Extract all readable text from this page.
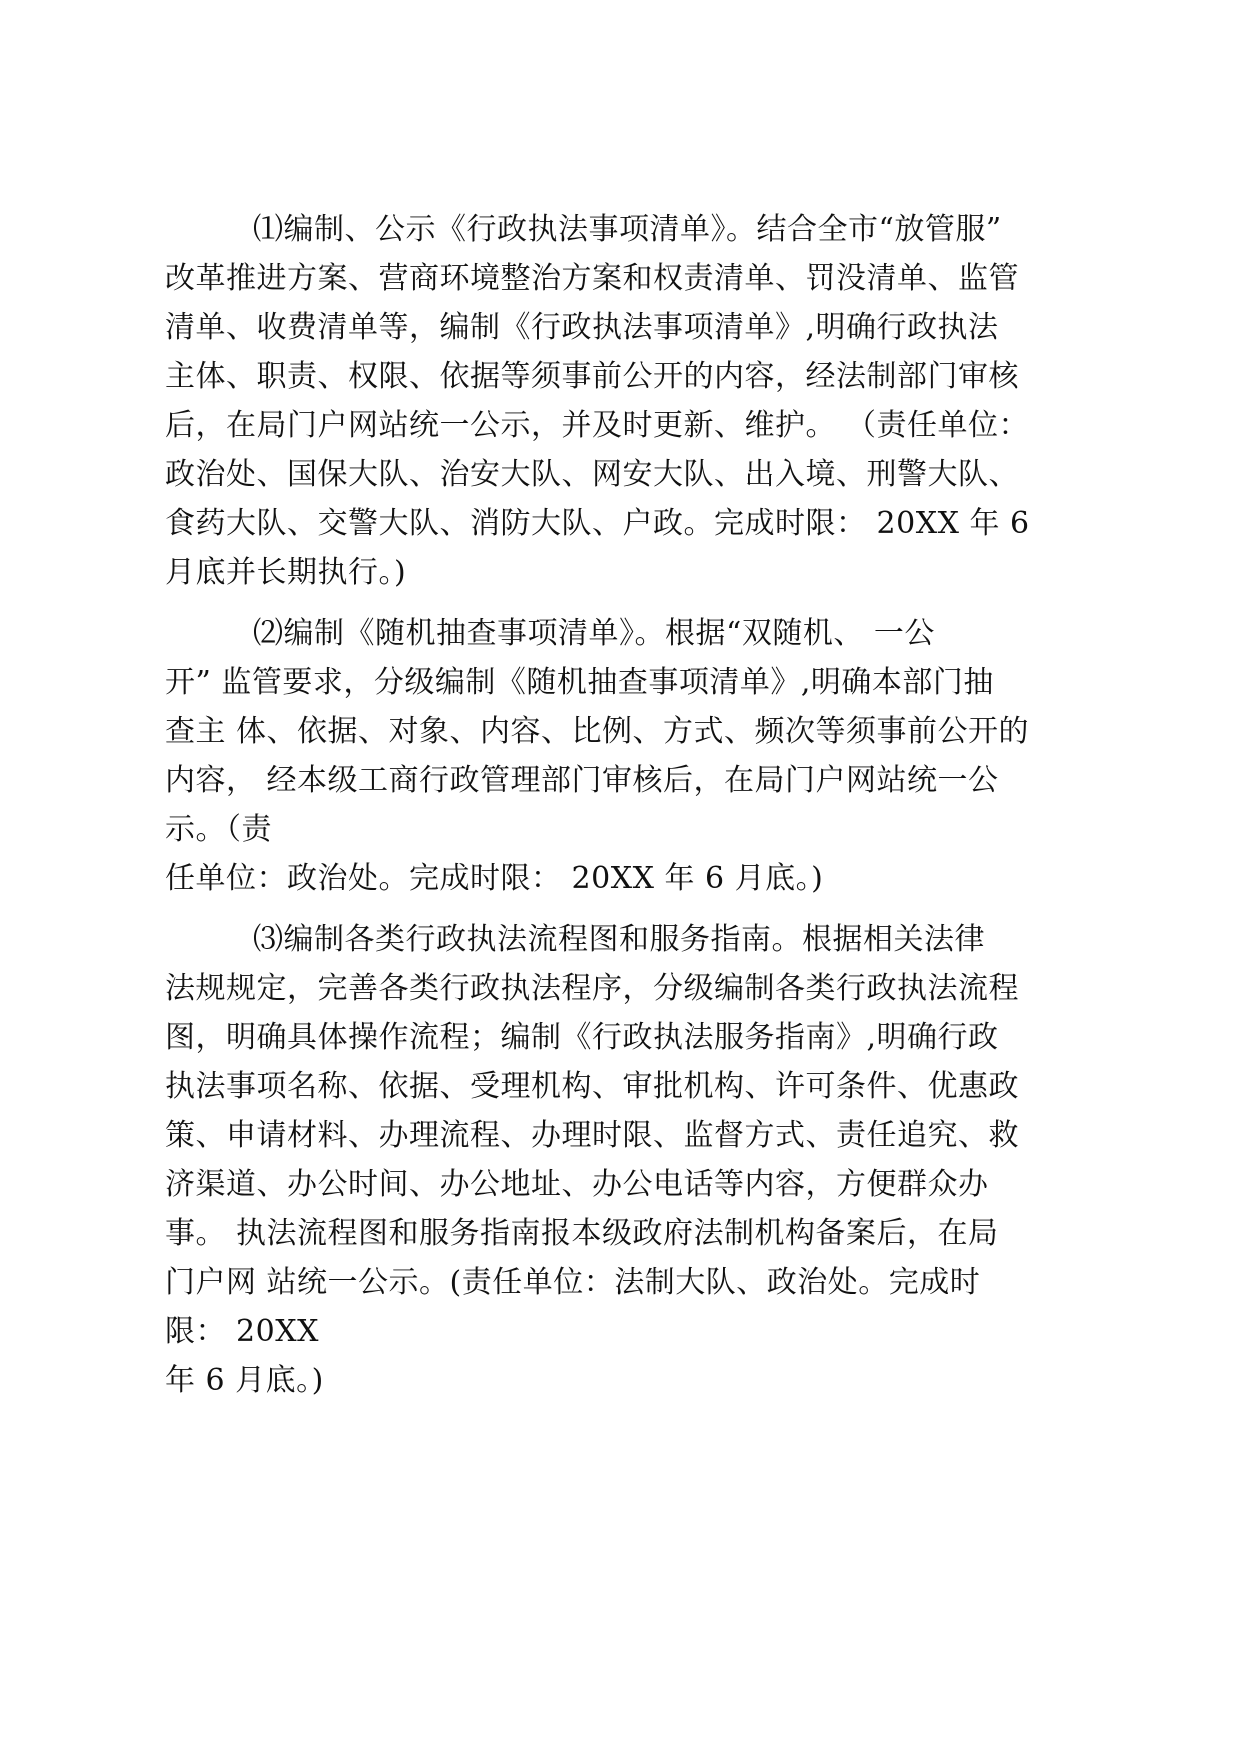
⑴编制、公示《行政执法事项清单》。结合全市“放管服”
改革推进方案、营商环境整治方案和权责清单、罚没清单、监管
清单、收费清单等，编制《行政执法事项清单》,明确行政执法
主体、职责、权限、依据等须事前公开的内容，经法制部门审核
后，在局门户网站统一公示，并及时更新、维护。 （责任单位：
政治处、国保大队、治安大队、网安大队、出入境、刑警大队、
食药大队、交警大队、消防大队、户政。完成时限： 20XX 年 6
月底并长期执行。)
⑵编制《随机抽查事项清单》。根据“双随机、 一公
开” 监管要求，分级编制《随机抽查事项清单》,明确本部门抽
查主 体、依据、对象、内容、比例、方式、频次等须事前公开的
内容， 经本级工商行政管理部门审核后，在局门户网站统一公
示。（责
任单位：政治处。完成时限： 20XX 年 6 月底。)
⑶编制各类行政执法流程图和服务指南。根据相关法律
法规规定，完善各类行政执法程序，分级编制各类行政执法流程
图，明确具体操作流程；编制《行政执法服务指南》,明确行政
执法事项名称、依据、受理机构、审批机构、许可条件、优惠政
策、申请材料、办理流程、办理时限、监督方式、责任追究、救
济渠道、办公时间、办公地址、办公电话等内容，方便群众办
事。 执法流程图和服务指南报本级政府法制机构备案后，在局
门户网 站统一公示。(责任单位：法制大队、政治处。完成时
限： 20XX
年 6 月底。)
